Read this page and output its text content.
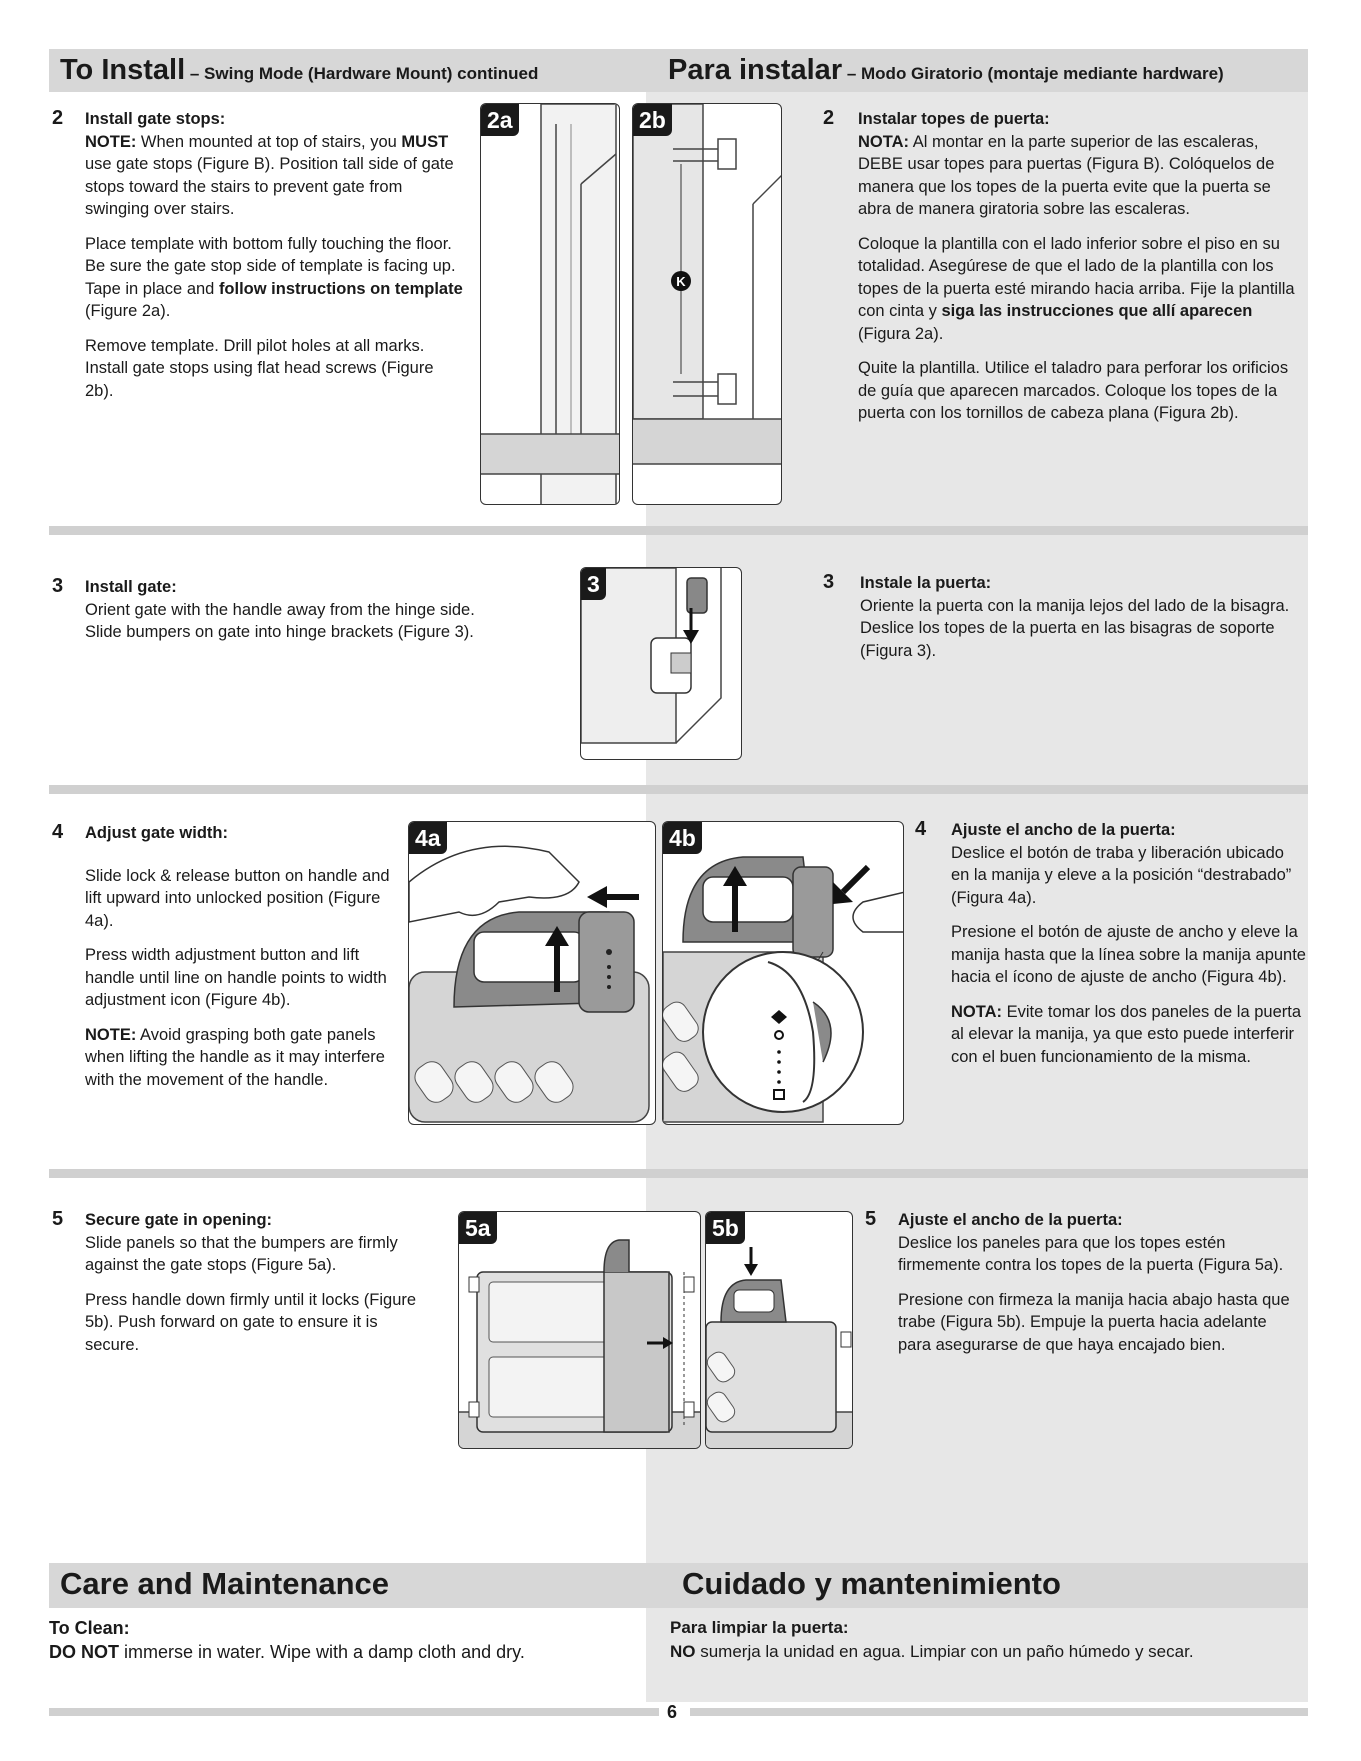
To Install – Swing Mode (Hardware Mount) continued	Para instalar – Modo Giratorio (montaje mediante hardware)
2 Install gate stops:

NOTE: When mounted at top of stairs, you MUST use gate stops (Figure B). Position tall side of gate stops toward the stairs to prevent gate from swinging over stairs.

Place template with bottom fully touching the floor. Be sure the gate stop side of template is facing up. Tape in place and follow instructions on template (Figure 2a).

Remove template. Drill pilot holes at all marks. Install gate stops using flat head screws (Figure 2b).

2a
K
2b	2 Instalar topes de puerta:

NOTA: Al montar en la parte superior de las escaleras, DEBE usar topes para puertas (Figura B). Colóquelos de manera que los topes de la puerta evite que la puerta se abra de manera giratoria sobre las escaleras.

Coloque la plantilla con el lado inferior sobre el piso en su totalidad. Asegúrese de que el lado de la plantilla con los topes de la puerta esté mirando hacia arriba. Fije la plantilla con cinta y siga las instrucciones que allí aparecen (Figura 2a).

Quite la plantilla. Utilice el taladro para perforar los orificios de guía que aparecen marcados. Coloque los topes de la puerta con los tornillos de cabeza plana (Figura 2b).

3 Install gate:

Orient gate with the handle away from the hinge side. Slide bumpers on gate into hinge brackets (Figure 3).

3	3 Instale la puerta:

Oriente la puerta con la manija lejos del lado de la bisagra. Deslice los topes de la puerta en las bisagras de soporte (Figura 3).

4 Adjust gate width:

Slide lock & release button on handle and lift upward into unlocked position (Figure 4a).

Press width adjustment button and lift handle until line on handle points to width adjustment icon (Figure 4b).

NOTE: Avoid grasping both gate panels when lifting the handle as it may interfere with the movement of the handle.

4a	4b	4 Ajuste el ancho de la puerta:

Deslice el botón de traba y liberación ubicado en la manija y eleve a la posición “destrabado” (Figura 4a).

Presione el botón de ajuste de ancho y eleve la manija hasta que la línea sobre la manija apunte hacia el ícono de ajuste de ancho (Figura 4b).

NOTA: Evite tomar los dos paneles de la puerta al elevar la manija, ya que esto puede interferir con el buen funcionamiento de la misma.

5 Secure gate in opening:

Slide panels so that the bumpers are firmly against the gate stops (Figure 5a).

Press handle down firmly until it locks (Figure 5b). Push forward on gate to ensure it is secure.

5a	5b	5 Ajuste el ancho de la puerta:

Deslice los paneles para que los topes estén firmemente contra los topes de la puerta (Figura 5a).

Presione con firmeza la manija hacia abajo hasta que trabe (Figura 5b). Empuje la puerta hacia adelante para asegurarse de que haya encajado bien.

Care and Maintenance	Cuidado y mantenimiento
To Clean:
DO NOT immerse in water. Wipe with a damp cloth and dry.
Para limpiar la puerta:
NO sumerja la unidad en agua. Limpiar con un paño húmedo y secar.
6
